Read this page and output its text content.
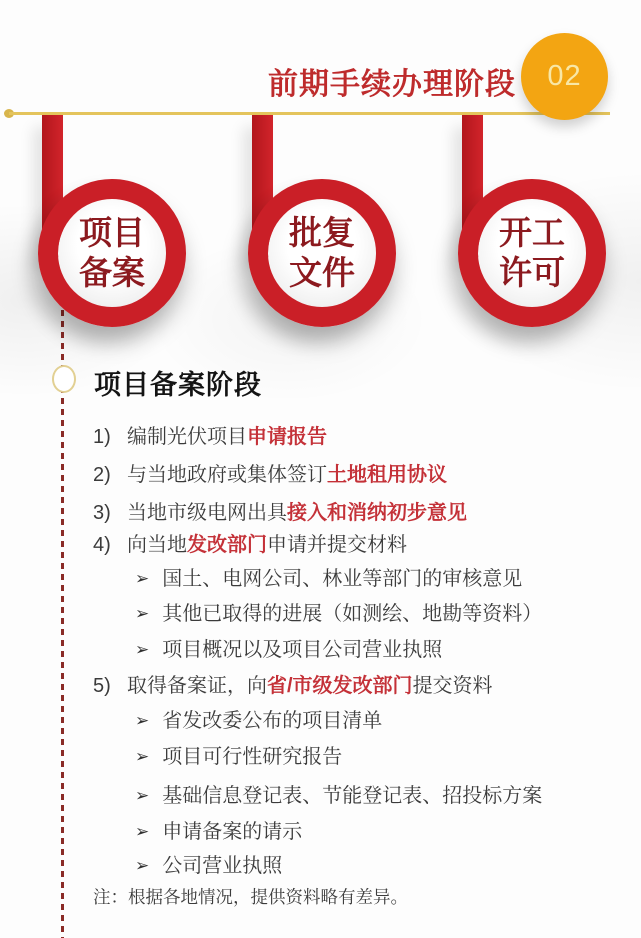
前期手续办理阶段 02
项目
备案
批复
文件
开工
许可
项目备案阶段
1) 编制光伏项目申请报告
2) 与当地政府或集体签订土地租用协议
3) 当地市级电网出具接入和消纳初步意见
4) 向当地发改部门申请并提交材料
➢ 国土、电网公司、林业等部门的审核意见
➢ 其他已取得的进展（如测绘、地勘等资料）
➢ 项目概况以及项目公司营业执照
5) 取得备案证，向省/市级发改部门提交资料
➢ 省发改委公布的项目清单
➢ 项目可行性研究报告
➢ 基础信息登记表、节能登记表、招投标方案
➢ 申请备案的请示
➢ 公司营业执照
注：根据各地情况，提供资料略有差异。
